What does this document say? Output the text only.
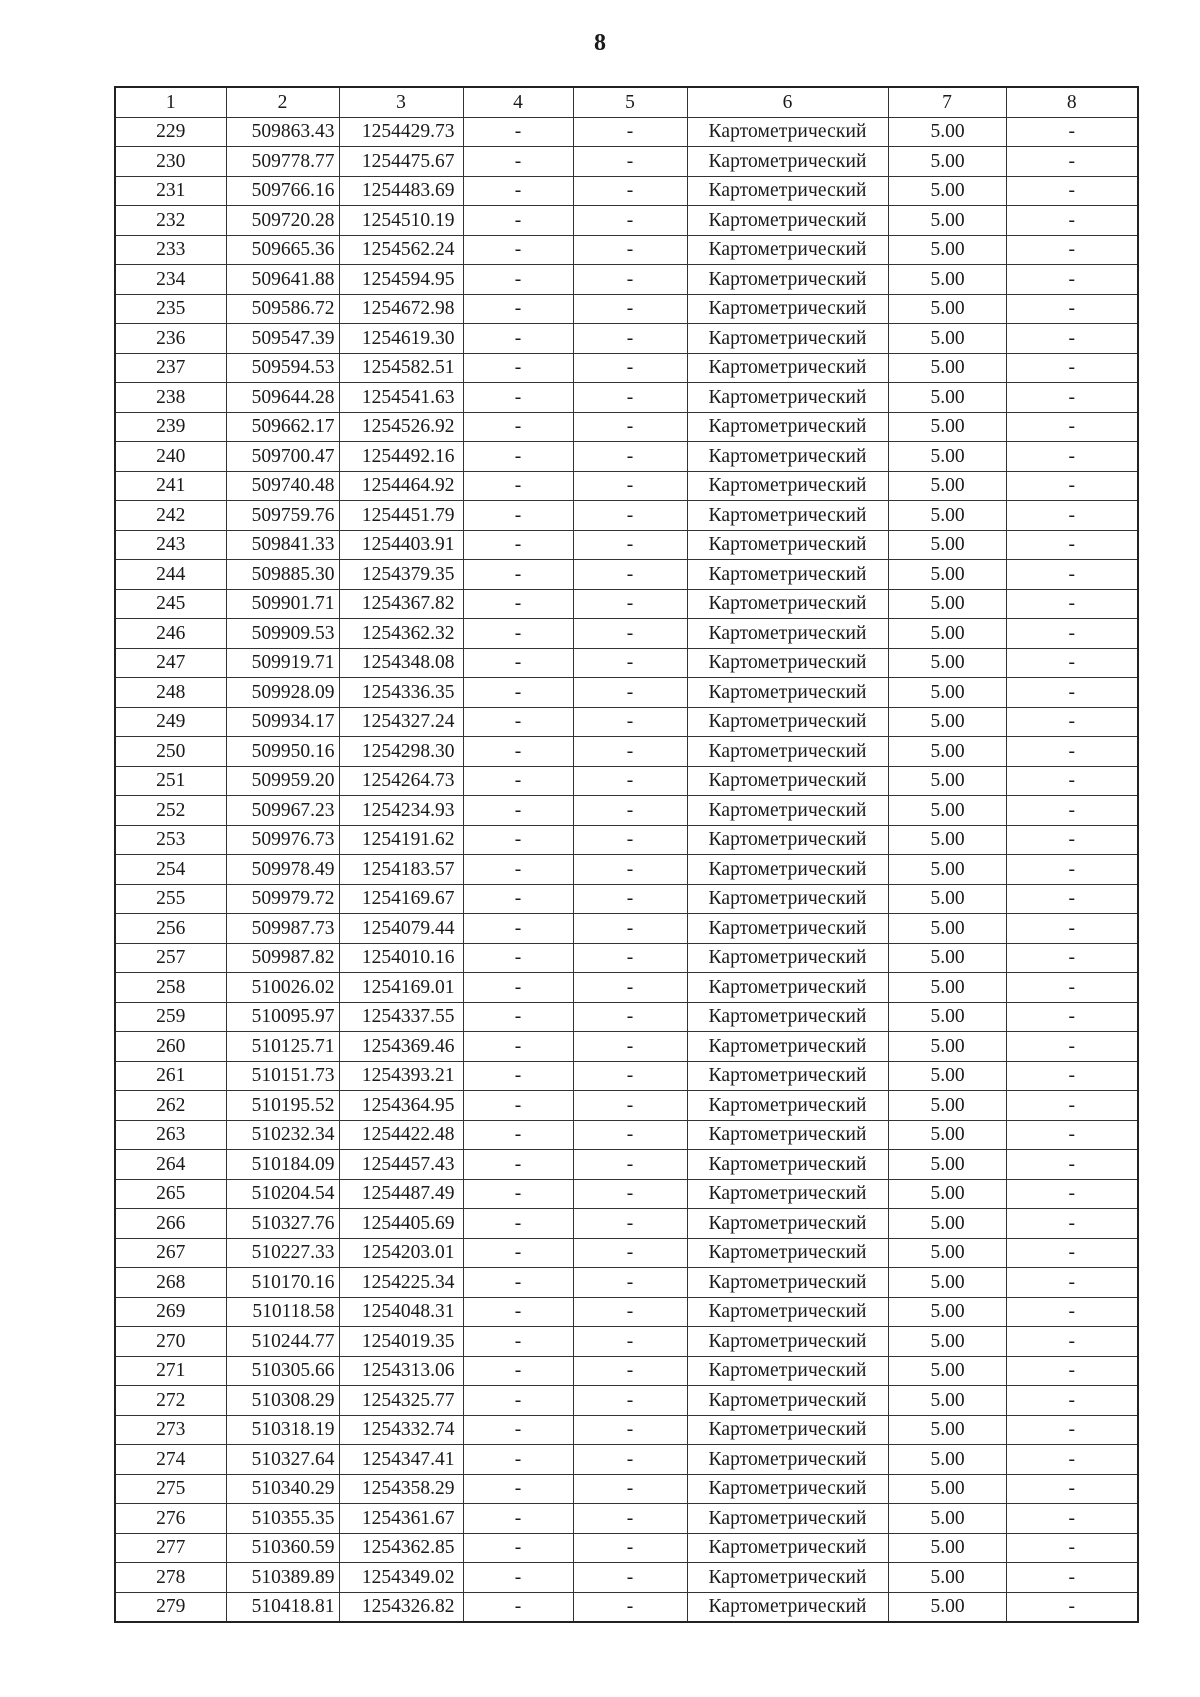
8
1	2	3	4	5	6	7	8
229	509863.43	1254429.73	-	-	Картометрический	5.00	-
230	509778.77	1254475.67	-	-	Картометрический	5.00	-
231	509766.16	1254483.69	-	-	Картометрический	5.00	-
232	509720.28	1254510.19	-	-	Картометрический	5.00	-
233	509665.36	1254562.24	-	-	Картометрический	5.00	-
234	509641.88	1254594.95	-	-	Картометрический	5.00	-
235	509586.72	1254672.98	-	-	Картометрический	5.00	-
236	509547.39	1254619.30	-	-	Картометрический	5.00	-
237	509594.53	1254582.51	-	-	Картометрический	5.00	-
238	509644.28	1254541.63	-	-	Картометрический	5.00	-
239	509662.17	1254526.92	-	-	Картометрический	5.00	-
240	509700.47	1254492.16	-	-	Картометрический	5.00	-
241	509740.48	1254464.92	-	-	Картометрический	5.00	-
242	509759.76	1254451.79	-	-	Картометрический	5.00	-
243	509841.33	1254403.91	-	-	Картометрический	5.00	-
244	509885.30	1254379.35	-	-	Картометрический	5.00	-
245	509901.71	1254367.82	-	-	Картометрический	5.00	-
246	509909.53	1254362.32	-	-	Картометрический	5.00	-
247	509919.71	1254348.08	-	-	Картометрический	5.00	-
248	509928.09	1254336.35	-	-	Картометрический	5.00	-
249	509934.17	1254327.24	-	-	Картометрический	5.00	-
250	509950.16	1254298.30	-	-	Картометрический	5.00	-
251	509959.20	1254264.73	-	-	Картометрический	5.00	-
252	509967.23	1254234.93	-	-	Картометрический	5.00	-
253	509976.73	1254191.62	-	-	Картометрический	5.00	-
254	509978.49	1254183.57	-	-	Картометрический	5.00	-
255	509979.72	1254169.67	-	-	Картометрический	5.00	-
256	509987.73	1254079.44	-	-	Картометрический	5.00	-
257	509987.82	1254010.16	-	-	Картометрический	5.00	-
258	510026.02	1254169.01	-	-	Картометрический	5.00	-
259	510095.97	1254337.55	-	-	Картометрический	5.00	-
260	510125.71	1254369.46	-	-	Картометрический	5.00	-
261	510151.73	1254393.21	-	-	Картометрический	5.00	-
262	510195.52	1254364.95	-	-	Картометрический	5.00	-
263	510232.34	1254422.48	-	-	Картометрический	5.00	-
264	510184.09	1254457.43	-	-	Картометрический	5.00	-
265	510204.54	1254487.49	-	-	Картометрический	5.00	-
266	510327.76	1254405.69	-	-	Картометрический	5.00	-
267	510227.33	1254203.01	-	-	Картометрический	5.00	-
268	510170.16	1254225.34	-	-	Картометрический	5.00	-
269	510118.58	1254048.31	-	-	Картометрический	5.00	-
270	510244.77	1254019.35	-	-	Картометрический	5.00	-
271	510305.66	1254313.06	-	-	Картометрический	5.00	-
272	510308.29	1254325.77	-	-	Картометрический	5.00	-
273	510318.19	1254332.74	-	-	Картометрический	5.00	-
274	510327.64	1254347.41	-	-	Картометрический	5.00	-
275	510340.29	1254358.29	-	-	Картометрический	5.00	-
276	510355.35	1254361.67	-	-	Картометрический	5.00	-
277	510360.59	1254362.85	-	-	Картометрический	5.00	-
278	510389.89	1254349.02	-	-	Картометрический	5.00	-
279	510418.81	1254326.82	-	-	Картометрический	5.00	-
